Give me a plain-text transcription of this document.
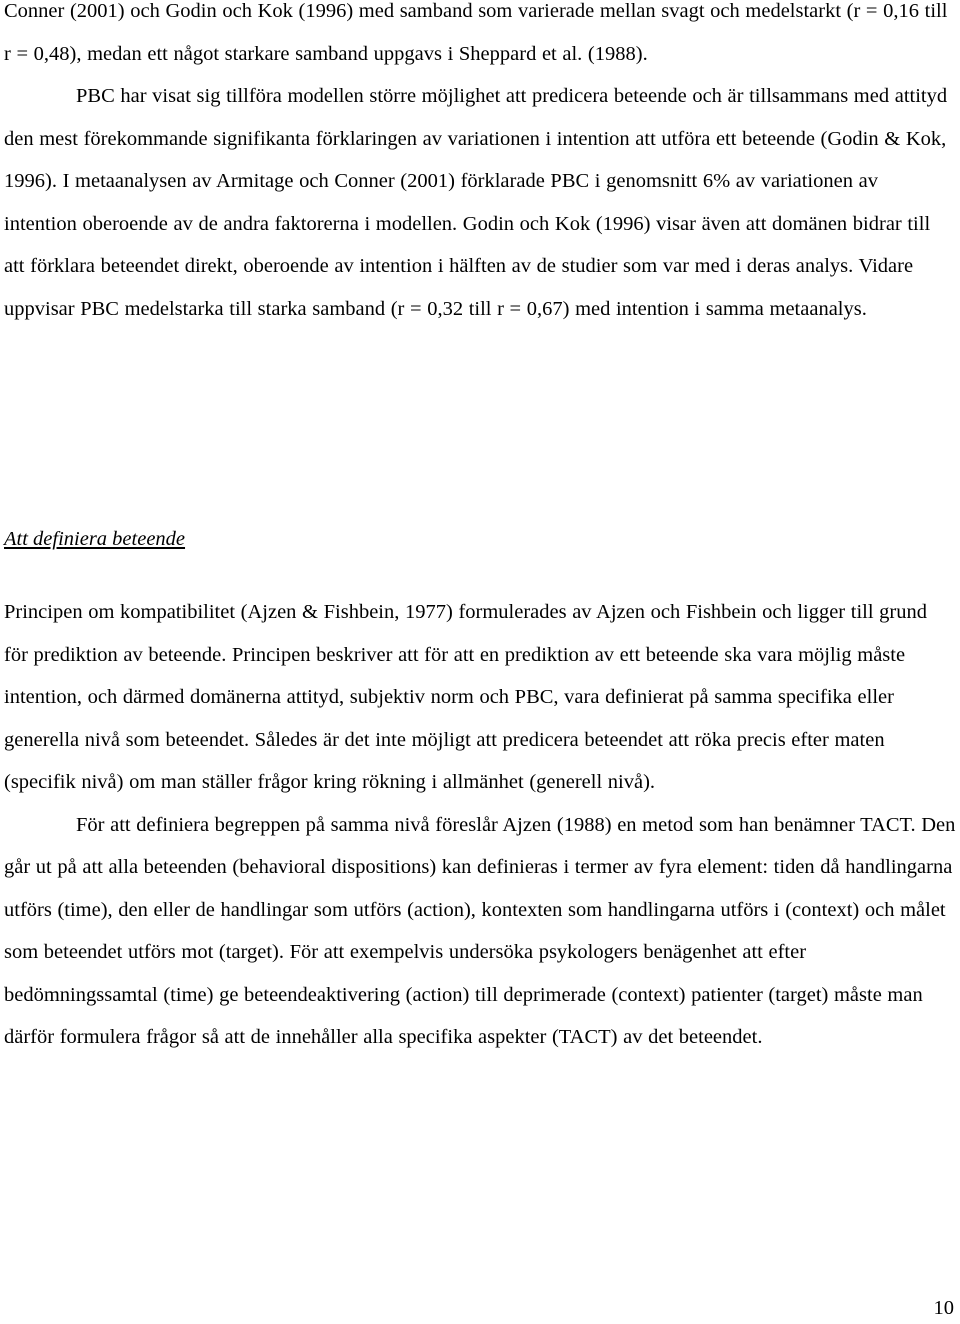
Conner (2001) och Godin och Kok (1996) med samband som varierade mellan svagt och medelstarkt (r = 0,16 till r = 0,48), medan ett något starkare samband uppgavs i Sheppard et al. (1988).

PBC har visat sig tillföra modellen större möjlighet att predicera beteende och är tillsammans med attityd den mest förekommande signifikanta förklaringen av variationen i intention att utföra ett beteende (Godin & Kok, 1996). I metaanalysen av Armitage och Conner (2001) förklarade PBC i genomsnitt 6% av variationen av intention oberoende av de andra faktorerna i modellen. Godin och Kok (1996) visar även att domänen bidrar till att förklara beteendet direkt, oberoende av intention i hälften av de studier som var med i deras analys. Vidare uppvisar PBC medelstarka till starka samband (r = 0,32 till r = 0,67) med intention i samma metaanalys.

Att definiera beteende

Principen om kompatibilitet (Ajzen & Fishbein, 1977) formulerades av Ajzen och Fishbein och ligger till grund för prediktion av beteende. Principen beskriver att för att en prediktion av ett beteende ska vara möjlig måste intention, och därmed domänerna attityd, subjektiv norm och PBC, vara definierat på samma specifika eller generella nivå som beteendet. Således är det inte möjligt att predicera beteendet att röka precis efter maten (specifik nivå) om man ställer frågor kring rökning i allmänhet (generell nivå).

För att definiera begreppen på samma nivå föreslår Ajzen (1988) en metod som han benämner TACT. Den går ut på att alla beteenden (behavioral dispositions) kan definieras i termer av fyra element: tiden då handlingarna utförs (time), den eller de handlingar som utförs (action), kontexten som handlingarna utförs i (context) och målet som beteendet utförs mot (target). För att exempelvis undersöka psykologers benägenhet att efter bedömningssamtal (time) ge beteendeaktivering (action) till deprimerade (context) patienter (target) måste man därför formulera frågor så att de innehåller alla specifika aspekter (TACT) av det beteendet.

10
